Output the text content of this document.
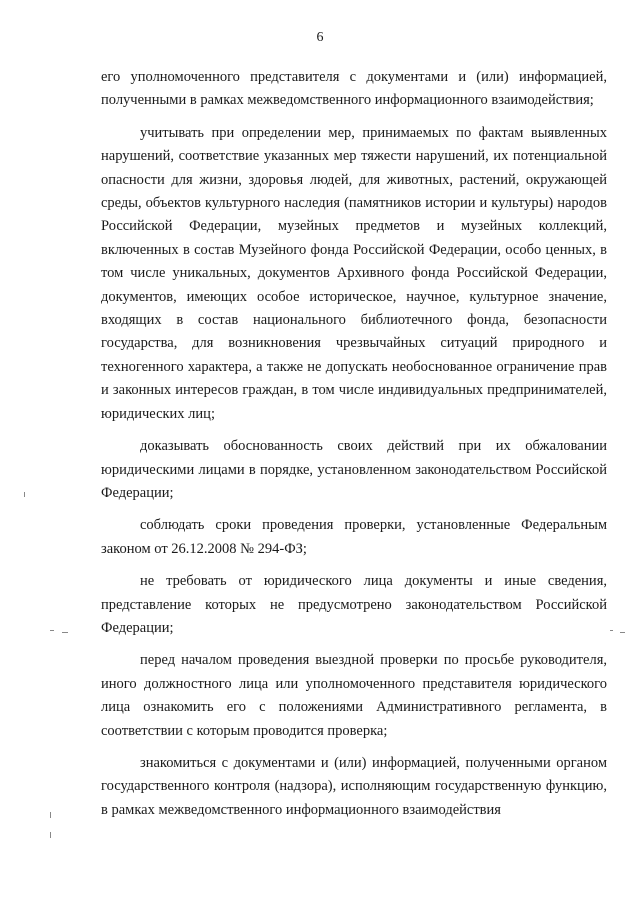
6

его уполномоченного представителя с документами и (или) информацией, полученными в рамках межведомственного информационного взаимодействия;

учитывать при определении мер, принимаемых по фактам выявленных нарушений, соответствие указанных мер тяжести нарушений, их потенциальной опасности для жизни, здоровья людей, для животных, растений, окружающей среды, объектов культурного наследия (памятников истории и культуры) народов Российской Федерации, музейных предметов и музейных коллекций, включенных в состав Музейного фонда Российской Федерации, особо ценных, в том числе уникальных, документов Архивного фонда Российской Федерации, документов, имеющих особое историческое, научное, культурное значение, входящих в состав национального библиотечного фонда, безопасности государства, для возникновения чрезвычайных ситуаций природного и техногенного характера, а также не допускать необоснованное ограничение прав и законных интересов граждан, в том числе индивидуальных предпринимателей, юридических лиц;

доказывать обоснованность своих действий при их обжаловании юридическими лицами в порядке, установленном законодательством Российской Федерации;

соблюдать сроки проведения проверки, установленные Федеральным законом от 26.12.2008 № 294-ФЗ;

не требовать от юридического лица документы и иные сведения, представление которых не предусмотрено законодательством Российской Федерации;

перед началом проведения выездной проверки по просьбе руководителя, иного должностного лица или уполномоченного представителя юридического лица ознакомить его с положениями Административного регламента, в соответствии с которым проводится проверка;

знакомиться с документами и (или) информацией, полученными органом государственного контроля (надзора), исполняющим государственную функцию, в рамках межведомственного информационного взаимодействия
